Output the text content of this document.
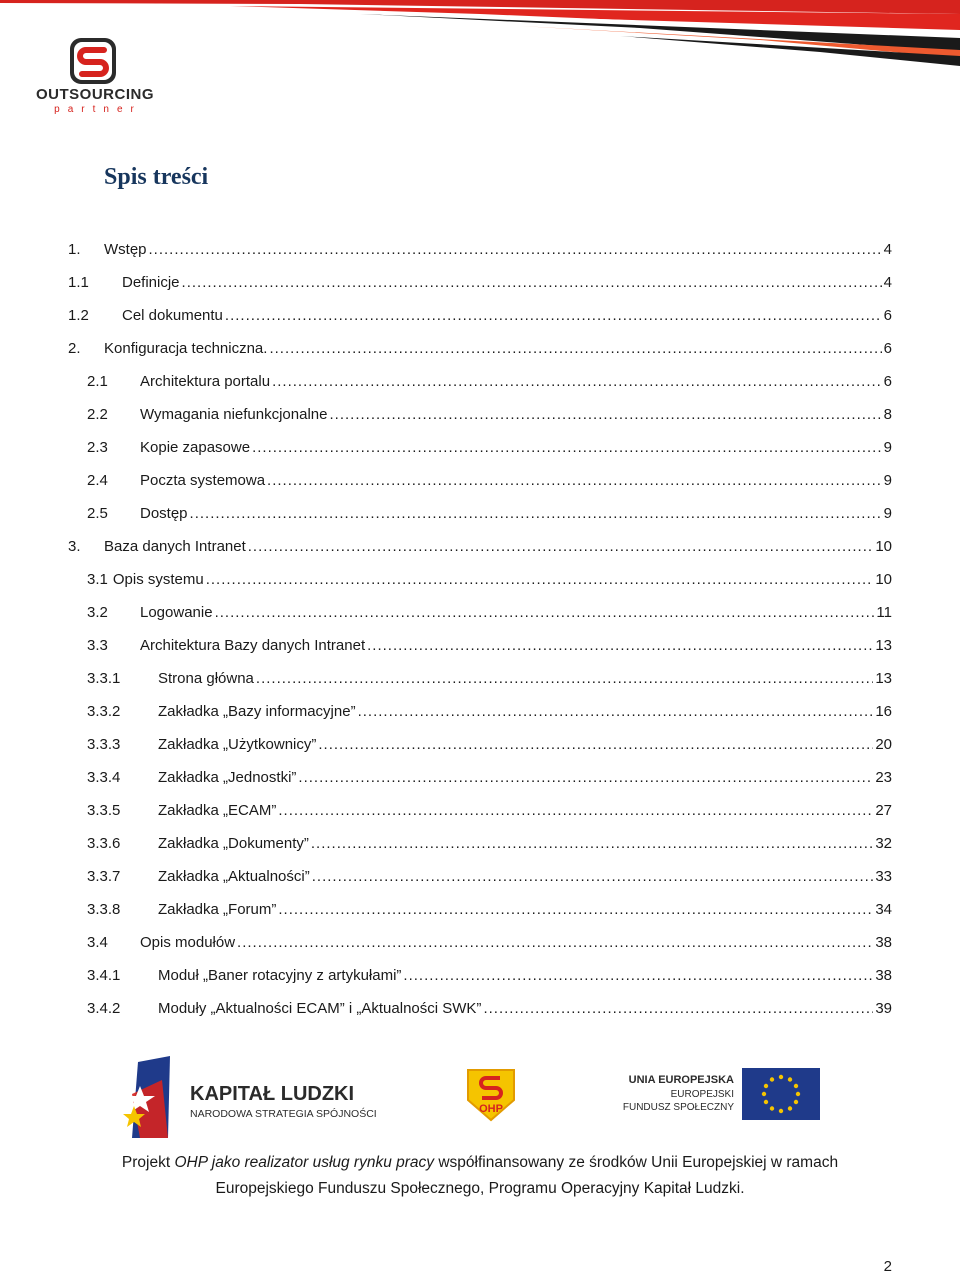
OUTSOURCING
partner
Spis treści
1.	Wstęp .....	4
1.1	Definicje .....	4
1.2	Cel dokumentu .....	6
2.	Konfiguracja techniczna. .....	6
2.1	Architektura portalu .....	6
2.2	Wymagania niefunkcjonalne .....	8
2.3	Kopie zapasowe .....	9
2.4	Poczta systemowa .....	9
2.5	Dostęp .....	9
3.	Baza danych Intranet .....	10
3.1 Opis systemu .....	10
3.2	Logowanie .....	11
3.3	Architektura Bazy danych Intranet .....	13
3.3.1	Strona główna .....	13
3.3.2	Zakładka „Bazy informacyjne” .....	16
3.3.3	Zakładka „Użytkownicy” .....	20
3.3.4	Zakładka „Jednostki” .....	23
3.3.5	Zakładka „ECAM” .....	27
3.3.6	Zakładka „Dokumenty” .....	32
3.3.7	Zakładka „Aktualności” .....	33
3.3.8	Zakładka „Forum” .....	34
3.4	Opis modułów .....	38
3.4.1	Moduł „Baner rotacyjny z artykułami” .....	38
3.4.2	Moduły „Aktualności ECAM” i „Aktualności SWK” .....	39
KAPITAŁ LUDZKI
NARODOWA STRATEGIA SPÓJNOŚCI	OHP
UNIA EUROPEJSKA
EUROPEJSKI
FUNDUSZ SPOŁECZNY
Projekt OHP jako realizator usług rynku pracy współfinansowany ze środków Unii Europejskiej w ramach
Europejskiego Funduszu Społecznego, Programu Operacyjny Kapitał Ludzki.
2
